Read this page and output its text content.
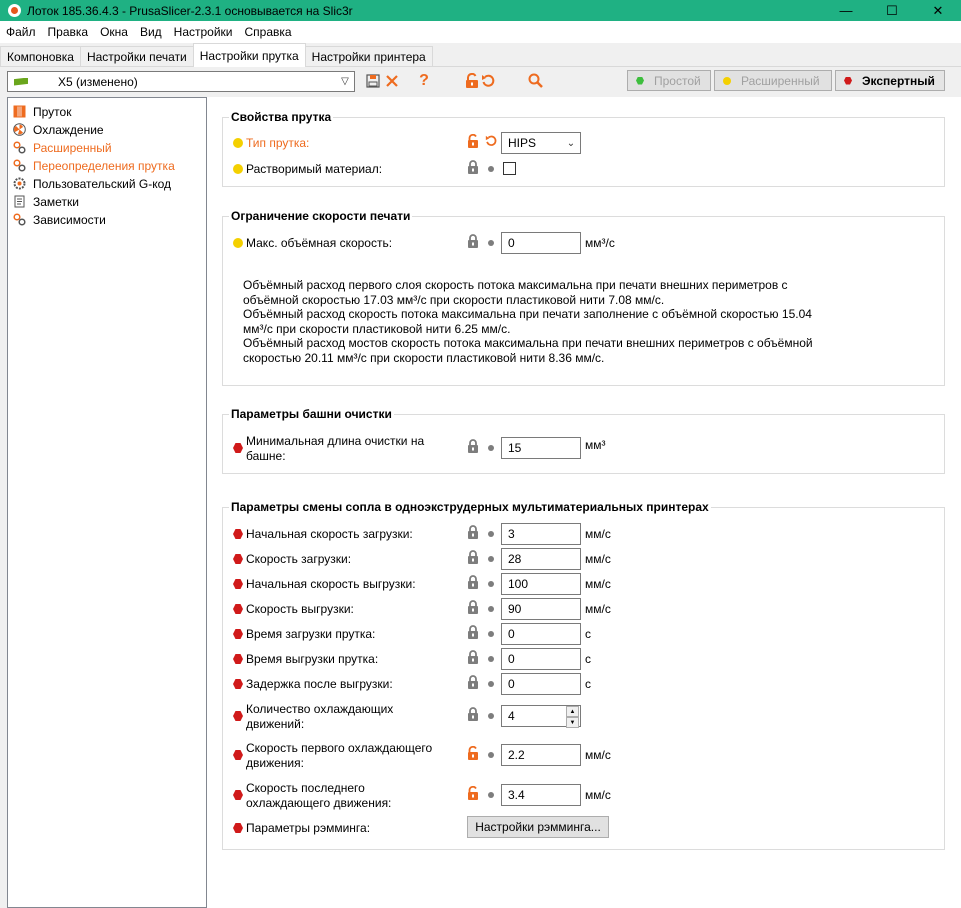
Лоток 185.36.4.3 - PrusaSlicer-2.3.1 основывается на Slic3r	—	☐	✕
Файл	Правка	Окна	Вид	Настройки	Справка
Компоновка	Настройки печати	Настройки прутка	Настройки принтера
X5 (изменено)	▽	?	Простой	Расширенный	Экспертный
Пруток
Охлаждение
Расширенный
Переопределения прутка
Пользовательский G-код
Заметки
Зависимости
Свойства прутка
Тип прутка:	HIPS	⌄
Растворимый материал:
Ограничение скорости печати
Макс. объёмная скорость:	0	мм³/с
Объёмный расход первого слоя скорость потока максимальна при печати внешних периметров с
объёмной скоростью 17.03 мм³/с при скорости пластиковой нити 7.08 мм/с.
Объёмный расход скорость потока максимальна при печати заполнение с объёмной скоростью 15.04
мм³/с при скорости пластиковой нити 6.25 мм/с.
Объёмный расход мостов скорость потока максимальна при печати внешних периметров с объёмной
скоростью 20.11 мм³/с при скорости пластиковой нити 8.36 мм/с.
Параметры башни очистки
Минимальная длина очистки на башне:
15	мм³
Параметры смены сопла в одноэкструдерных мультиматериальных принтерах
Начальная скорость загрузки:	3	мм/с
Скорость загрузки:	28	мм/с
Начальная скорость выгрузки:	100	мм/с
Скорость выгрузки:	90	мм/с
Время загрузки прутка:	0	с
Время выгрузки прутка:	0	с
Задержка после выгрузки:	0	с
Количество охлаждающих движений:
4	▲
▼
Скорость первого охлаждающего движения:
2.2	мм/с
Скорость последнего охлаждающего движения:
3.4	мм/с
Параметры рэмминга:	Настройки рэмминга...
